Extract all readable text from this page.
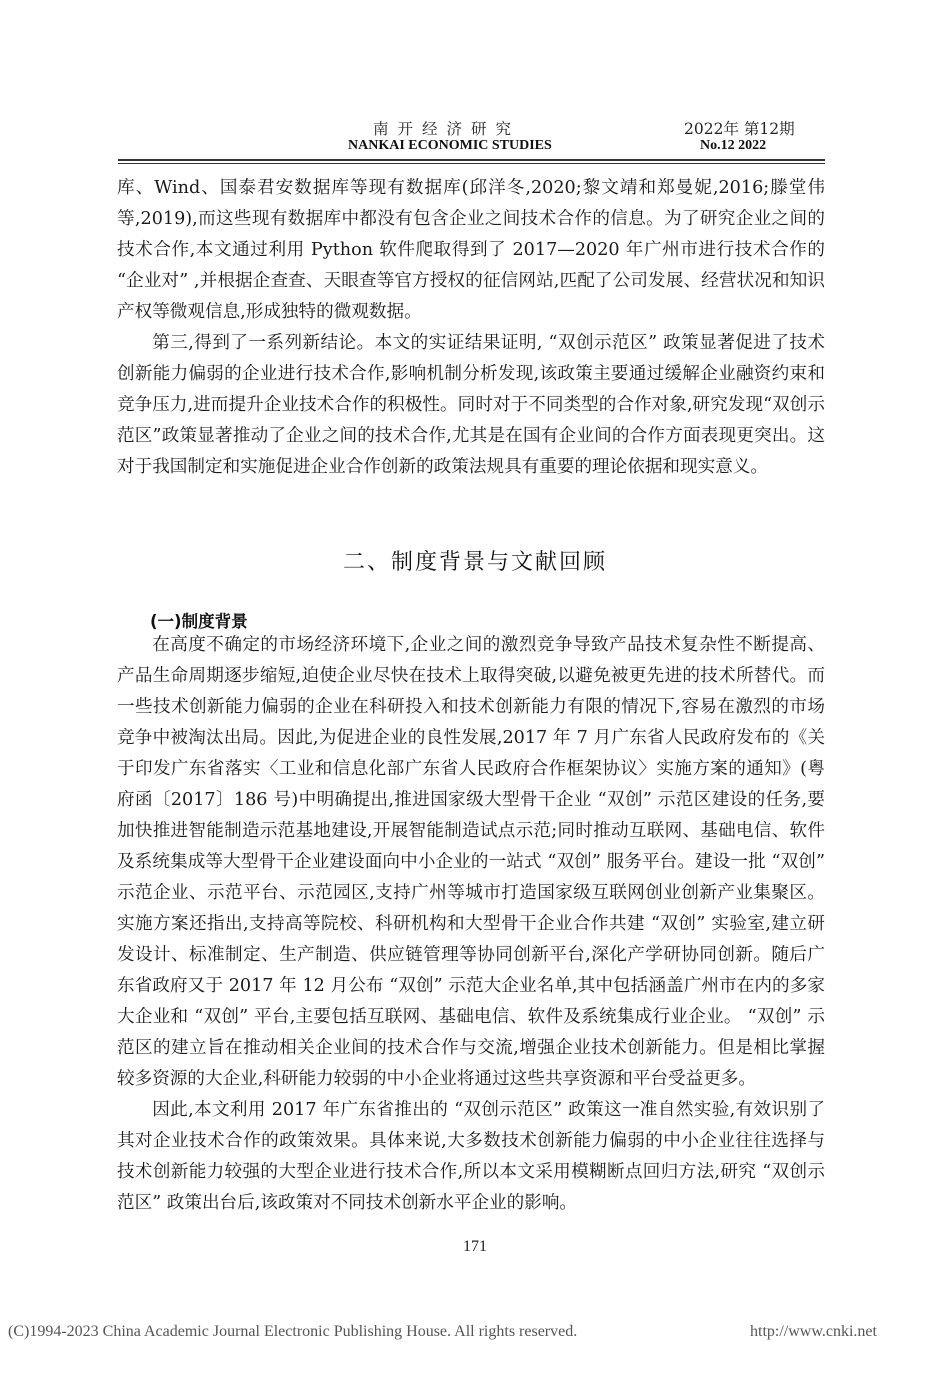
南开经济研究	2022年 第12期
NANKAI ECONOMIC STUDIES	No.12 2022

库、Wind、国泰君安数据库等现有数据库(邱洋冬,2020;黎文靖和郑曼妮,2016;滕堂伟等,2019),而这些现有数据库中都没有包含企业之间技术合作的信息。为了研究企业之间的技术合作,本文通过利用 Python 软件爬取得到了 2017—2020 年广州市进行技术合作的 “企业对” ,并根据企查查、天眼查等官方授权的征信网站,匹配了公司发展、经营状况和知识产权等微观信息,形成独特的微观数据。

第三,得到了一系列新结论。本文的实证结果证明, “双创示范区” 政策显著促进了技术创新能力偏弱的企业进行技术合作,影响机制分析发现,该政策主要通过缓解企业融资约束和竞争压力,进而提升企业技术合作的积极性。同时对于不同类型的合作对象,研究发现“双创示范区”政策显著推动了企业之间的技术合作,尤其是在国有企业间的合作方面表现更突出。这对于我国制定和实施促进企业合作创新的政策法规具有重要的理论依据和现实意义。

二、制度背景与文献回顾
(一)制度背景

在高度不确定的市场经济环境下,企业之间的激烈竞争导致产品技术复杂性不断提高、产品生命周期逐步缩短,迫使企业尽快在技术上取得突破,以避免被更先进的技术所替代。而一些技术创新能力偏弱的企业在科研投入和技术创新能力有限的情况下,容易在激烈的市场竞争中被淘汰出局。因此,为促进企业的良性发展,2017 年 7 月广东省人民政府发布的《关于印发广东省落实〈工业和信息化部广东省人民政府合作框架协议〉实施方案的通知》(粤府函〔2017〕186 号)中明确提出,推进国家级大型骨干企业 “双创” 示范区建设的任务,要加快推进智能制造示范基地建设,开展智能制造试点示范;同时推动互联网、基础电信、软件及系统集成等大型骨干企业建设面向中小企业的一站式 “双创” 服务平台。建设一批 “双创” 示范企业、示范平台、示范园区,支持广州等城市打造国家级互联网创业创新产业集聚区。实施方案还指出,支持高等院校、科研机构和大型骨干企业合作共建 “双创” 实验室,建立研发设计、标准制定、生产制造、供应链管理等协同创新平台,深化产学研协同创新。随后广东省政府又于 2017 年 12 月公布 “双创” 示范大企业名单,其中包括涵盖广州市在内的多家大企业和 “双创” 平台,主要包括互联网、基础电信、软件及系统集成行业企业。 “双创” 示范区的建立旨在推动相关企业间的技术合作与交流,增强企业技术创新能力。但是相比掌握较多资源的大企业,科研能力较弱的中小企业将通过这些共享资源和平台受益更多。

因此,本文利用 2017 年广东省推出的 “双创示范区” 政策这一准自然实验,有效识别了其对企业技术合作的政策效果。具体来说,大多数技术创新能力偏弱的中小企业往往选择与技术创新能力较强的大型企业进行技术合作,所以本文采用模糊断点回归方法,研究 “双创示范区” 政策出台后,该政策对不同技术创新水平企业的影响。

171
(C)1994-2023 China Academic Journal Electronic Publishing House. All rights reserved.	http://www.cnki.net
